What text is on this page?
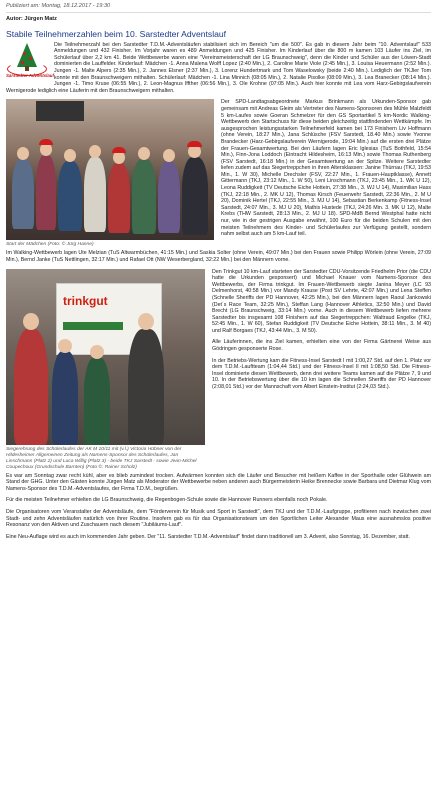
Publiziert am: Montag, 18.12.2017 - 19:30
Autor: Jürgen Matz
Stabile Teilnehmerzahlen beim 10. Sarstedter Adventslauf
Sarstedter Adventslauf

Die Teilnehmerzahl bei den Sarstedter T.D.M.-Adventsläufen stabilisiert sich im Bereich "um die 500". Es gab in diesem Jahr beim "10. Adventslauf" 533 Anmeldungen und 432 Finisher. Im Vorjahr waren es 489 Anmeldungen und 425 Finisher. Im Kinderlauf über die 800 m kamen 103 Läufer ins Ziel, im Schülerlauf über 2,2 km 41. Beide Wettbewerbe waren eine "Vereinsmeisterschaft der LG Braunschweig", denn die Kinder und Schüler aus der Löwen-Stadt dominierten die Lauffelder. Kinderlauf: Mädchen -1. Anna Malena Wolff Lopez (2:40 Min.), 2. Caroline Marie Viole (2:45 Min.), 3. Louisa Heuermann (2:52 Min.). Jungen -1. Malte Alpers (2:35 Min.), 2. Jannes Elsner (2:37 Min.), 3. Lorenz Hundertmark und Tom Waselowsky (beide 2:40 Min.). Lediglich der TKJler Tom konnte mit den Braunschweigern mithalten. Schülerlauf: Mädchen -1. Lina Minnich (08:05 Min.), 2. Natalie Pisolke (08:09 Min.), 3. Lea Branecker (08:14 Min.). Jungen -1. Timo Kruse (06:55 Min.), 2. Leon-Magnus Iffther (06:56 Min.), 3. Ole Krohne (07:05 Min.). Auch hier konnte mit Lea vom Harz-Gebirgslaufverein Wernigerode lediglich eine Läuferin mit den Braunschweigern mithalten.

Start der Mädchen (Foto: © Jürg Hanne)

Der SPD-Landtagsabgeordnete Markus Brinkmann als Urkunden-Sponsor gab gemeinsam mit Andreas Gleim als Vertreter des Namens-Sponsoren des Mühle Malzfeldt 5 km-Laufes sowie Goeran Schmelzer für den GS Sportartikel 5 km-Nordic Walking-Wettbewerb den Startschuss für diese beiden gleichzeitig stattfindenden Wettkämpfe. Im ausgesprochen leistungsstarken Teilnehmerfeld kamen bei 173 Finishern Liv Hoffmann (ohne Verein, 18:27 Min.), Jana Schlüsche (FSV Sarstedt, 18.40 Min.) sowie Yvonne Brandecker (Harz-Gebirgslaufverein Wernigerode, 19:04 Min.) auf die ersten drei Plätze der Frauen-Gesamtwertung. Bei den Läufern lagen Eric Iglesias (TuS Bothfeld, 15:54 Min.), Finn-Jona Loddoch (Eintracht Hildesheim, 16:13 Min.) sowie Thomas Ruthenberg (FSV Sarstedt, 16:18 Min.) in der Gesamtwertung an der Spitze. Weitere Sarstedter liefen zudem auf das Siegertreppchen in ihren Altersklassen: Janine Thürnau (TKJ, 19:53 Min., 1. W 30), Michelle Drechsler (FSV, 22:27 Min., 1. Frauen-Hauptklasse), Annett Gittermann (TKJ, 23:12 Min., 1. W 50), Leni Linschmann (TKJ, 23:45 Min., 1. WK U 12), Leona Ruddigkeit (TV Deutsche Eiche Hottein, 27:38 Min., 3. WJ U 14), Maximilian Hass (TKJ, 22:18 Min., 2. MK U 12), Thomas Kirsch (Feuerwehr Sarstedt, 22:36 Min., 2. M U 20), Dominik Hertel (TKJ, 22:55 Min., 3. MJ U 14), Sebastian Berkenkamp (Fitness-Insel Sarstedt, 24:07 Min., 3. MJ U 20), Mathis Hustede (TKJ, 24:26 Min. 3. MK U 12), Malte Krebs (THW Sarstedt, 28:13 Min., 2. MJ U 18). SPD-MdB Bernd Westphal hatte nicht nur, wie in der gestrigen Ausgabe erwähnt, 100 Euro für die beiden Schulen mit den meisten Teilnehmern des Kinder- und Schülerlaufes zur Verfügung gestellt, sondern nahm selbst auch am 5 km-Lauf teil.

Im Walking-Wettbewerb lagen Ute Melzian (TuS Altwarmbüchen, 41:15 Min.) und Saskia Solter (ohne Verein, 49:07 Min.) bei den Frauen sowie Philipp Wörlein (ohne Verein, 27:09 Min.), Bernd Janke (TuS Nettlingen, 32:17 Min.) und Rafael Ott (NW Weserbergland, 32:22 Min.) bei den Männern vorne.

trinkgut
Siegerehrung des Schülerlaufes der AK M 10/11 mit (v.l.) Victoria Hübner von der Hildesheimer Allgemeinen Zeitung als Namens-Sponsor des Schülerlaufes, Jan Linschmann (Platz 2) und Luca Willig (Platz 3) - beide TKJ Sarstedt - sowie Jean-Michel Coupechoux (Grundschule Barnten) (Foto ©: Rainer Scholz)

Den Trinkgut 10 km-Lauf starteten der Sarstedter CDU-Vorsitzende Friedhelm Prior (die CDU hatte die Urkunden gesponsert) und Michael Knauer vom Namens-Sponsor des Wettbewerbs, der Firma trinkgut. Im Frauen-Wettbewerb siegte Janina Meyer (LC 93 Delmenhorst, 40:58 Min.) vor Mandy Krause (Post SV Lehrte, 42:07 Min.) und Lena Steffen (Schnelle Sheriffs der PD Hannover, 42:25 Min.), bei den Männern lagen Raoul Jankowski (Det´s Race Team, 32:25 Min.), Steffan Lang (Hannover Athletics, 32:50 Min.) und David Brecht (LG Braunschweig, 33:14 Min.) vorne. Auch in diesem Wettbewerb liefen mehrere Sarstedter bis insgesamt 108 Finishern auf das Siegertreppchen: Waltraud Engelke (TKJ, 52:45 Min., 1. W 60), Stefan Ruddigkeit (TV Deutsche Eiche Hottein, 38:11 Min., 3. M 40) und Ralf Borgaes (TKJ, 43:44 Min., 3. M 50).

Alle Läuferinnen, die ins Ziel kamen, erhielten eine von der Firma Gärtnerei Weise aus Gödringen gesponserte Rose.

In der Betriebs-Wertung kam die Fitness-Insel Sarstedt I mit 1:00,27 Std. auf den 1. Platz vor dem T.D.M.-Lauftteam (1:04,44 Std.) und der Fitness-Insel II mit 1:08,50 Std. Die Fitness-Insel dominierte diesen Wettbewerb, denn drei weitere Teams kamen auf die Plätze 7, 9 und 10. In der Betriebswertung über die 10 km lagen die Schnellen Sheriffs der PD Hannover (2:08,01 Std.) vor der Mannschaft vom Albert Einstein-Institut (2:24,03 Std.).

Es war am Sonntag zwar recht kühl, aber es blieb zumindest trocken. Aufwärmen konnten sich die Läufer und Besucher mit heißem Kaffee in der Sporthalle oder Glühwein am Stand der GHG. Unter den Gästen konnte Jürgen Matz als Moderator der Wettbewerbe neben anderen auch Bürgermeisterin Heike Brennecke sowie Barbara und Dietmar Klug vom Namens-Sponsor des T.D.M.-Adventslaufes, der Firma T.D.M., begrüßen.

Für die meisten Teilnehmer erhielten die LG Braunschweig, die Regenbogen-Schule sowie die Hannover Runners ebenfalls noch Pokale.

Die Organisatoren vom Veranstalter der Adventsläufe, dem "Förderverein für Musik und Sport in Sarstedt", dem TKJ und der T.D.M.-Laufgruppe, profitieren nach inzwischen zwei Stadt- und zehn Adventsläufen natürlich von ihrer Routine. Insofern gab es für das Organisationsteam um den Sportlichen Leiter Alexander Maus eine ausnahmslos positive Resonanz von den Aktiven und Zuschauern nach diesem "Jubiläums-Lauf".

Eine Neu-Auflage wird es auch im kommenden Jahr geben. Der "11. Sarstedter T.D.M.-Adventslauf" findet dann traditionell am 3. Advent, also Sonntag, 16. Dezember, statt.
